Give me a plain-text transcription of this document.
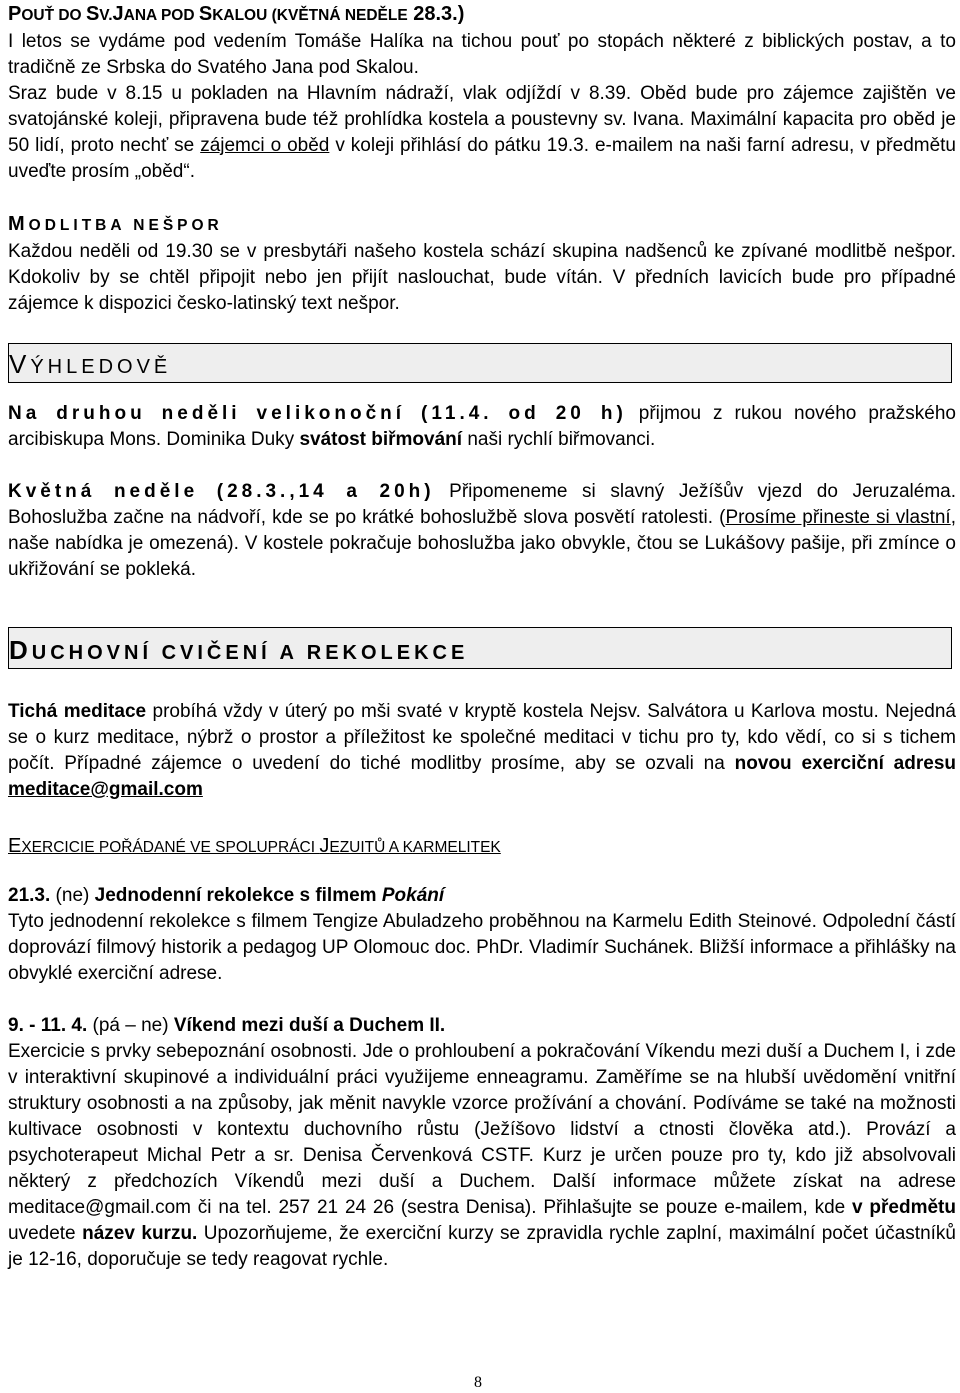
POUŤ DO SV.JANA POD SKALOU (KVĚTNÁ NEDĚLE 28.3.)

I letos se vydáme pod vedením Tomáše Halíka na tichou pouť po stopách některé z biblických postav, a to tradičně ze Srbska do Svatého Jana pod Skalou.

Sraz bude v 8.15 u pokladen na Hlavním nádraží, vlak odjíždí v 8.39. Oběd bude pro zájemce zajištěn ve svatojánské koleji, připravena bude též prohlídka kostela a poustevny sv. Ivana. Maximální kapacita pro oběd je 50 lidí, proto nechť se zájemci o oběd v koleji přihlásí do pátku 19.3. e-mailem na naši farní adresu, v předmětu uveďte prosím „oběd“.

MODLITBA NEŠPOR

Každou neděli od 19.30 se v presbytáři našeho kostela schází skupina nadšenců ke zpívané modlitbě nešpor. Kdokoliv by se chtěl připojit nebo jen přijít naslouchat, bude vítán. V předních lavicích bude pro případné zájemce k dispozici česko-latinský text nešpor.

VÝHLEDOVĚ

Na druhou neděli velikonoční (11.4. od 20 h) přijmou z rukou nového pražského arcibiskupa Mons. Dominika Duky svátost biřmování naši rychlí biřmovanci.

Květná neděle (28.3.,14 a 20h) Připomeneme si slavný Ježíšův vjezd do Jeruzaléma. Bohoslužba začne na nádvoří, kde se po krátké bohoslužbě slova posvětí ratolesti. (Prosíme přineste si vlastní, naše nabídka je omezená). V kostele pokračuje bohoslužba jako obvykle, čtou se Lukášovy pašije, při zmínce o ukřižování se pokleká.

DUCHOVNÍ CVIČENÍ A REKOLEKCE

Tichá meditace probíhá vždy v úterý po mši svaté v kryptě kostela Nejsv. Salvátora u Karlova mostu. Nejedná se o kurz meditace, nýbrž o prostor a příležitost ke společné meditaci v tichu pro ty, kdo vědí, co si s tichem počít. Případné zájemce o uvedení do tiché modlitby prosíme, aby se ozvali na novou exerciční adresu meditace@gmail.com

EXERCICIE POŘÁDANÉ VE SPOLUPRÁCI JEZUITŮ A KARMELITEK

21.3. (ne) Jednodenní rekolekce s filmem Pokání

Tyto jednodenní rekolekce s filmem Tengize Abuladzeho proběhnou na Karmelu Edith Steinové. Odpolední částí doprovází filmový historik a pedagog UP Olomouc doc. PhDr. Vladimír Suchánek. Bližší informace a přihlášky na obvyklé exerciční adrese.

9. - 11. 4. (pá – ne) Víkend mezi duší a Duchem II.

Exercicie s prvky sebepoznání osobnosti. Jde o prohloubení a pokračování Víkendu mezi duší a Duchem I, i zde v interaktivní skupinové a individuální práci využijeme enneagramu. Zaměříme se na hlubší uvědomění vnitřní struktury osobnosti a na způsoby, jak měnit navykle vzorce prožívání a chování. Podíváme se také na možnosti kultivace osobnosti v kontextu duchovního růstu (Ježíšovo lidství a ctnosti člověka atd.). Provází a psychoterapeut Michal Petr a sr. Denisa Červenková CSTF. Kurz je určen pouze pro ty, kdo již absolvovali některý z předchozích Víkendů mezi duší a Duchem. Další informace můžete získat na adrese meditace@gmail.com či na tel. 257 21 24 26 (sestra Denisa). Přihlašujte se pouze e-mailem, kde v předmětu uvedete název kurzu. Upozorňujeme, že exerciční kurzy se zpravidla rychle zaplní, maximální počet účastníků je 12-16, doporučuje se tedy reagovat rychle.

8
